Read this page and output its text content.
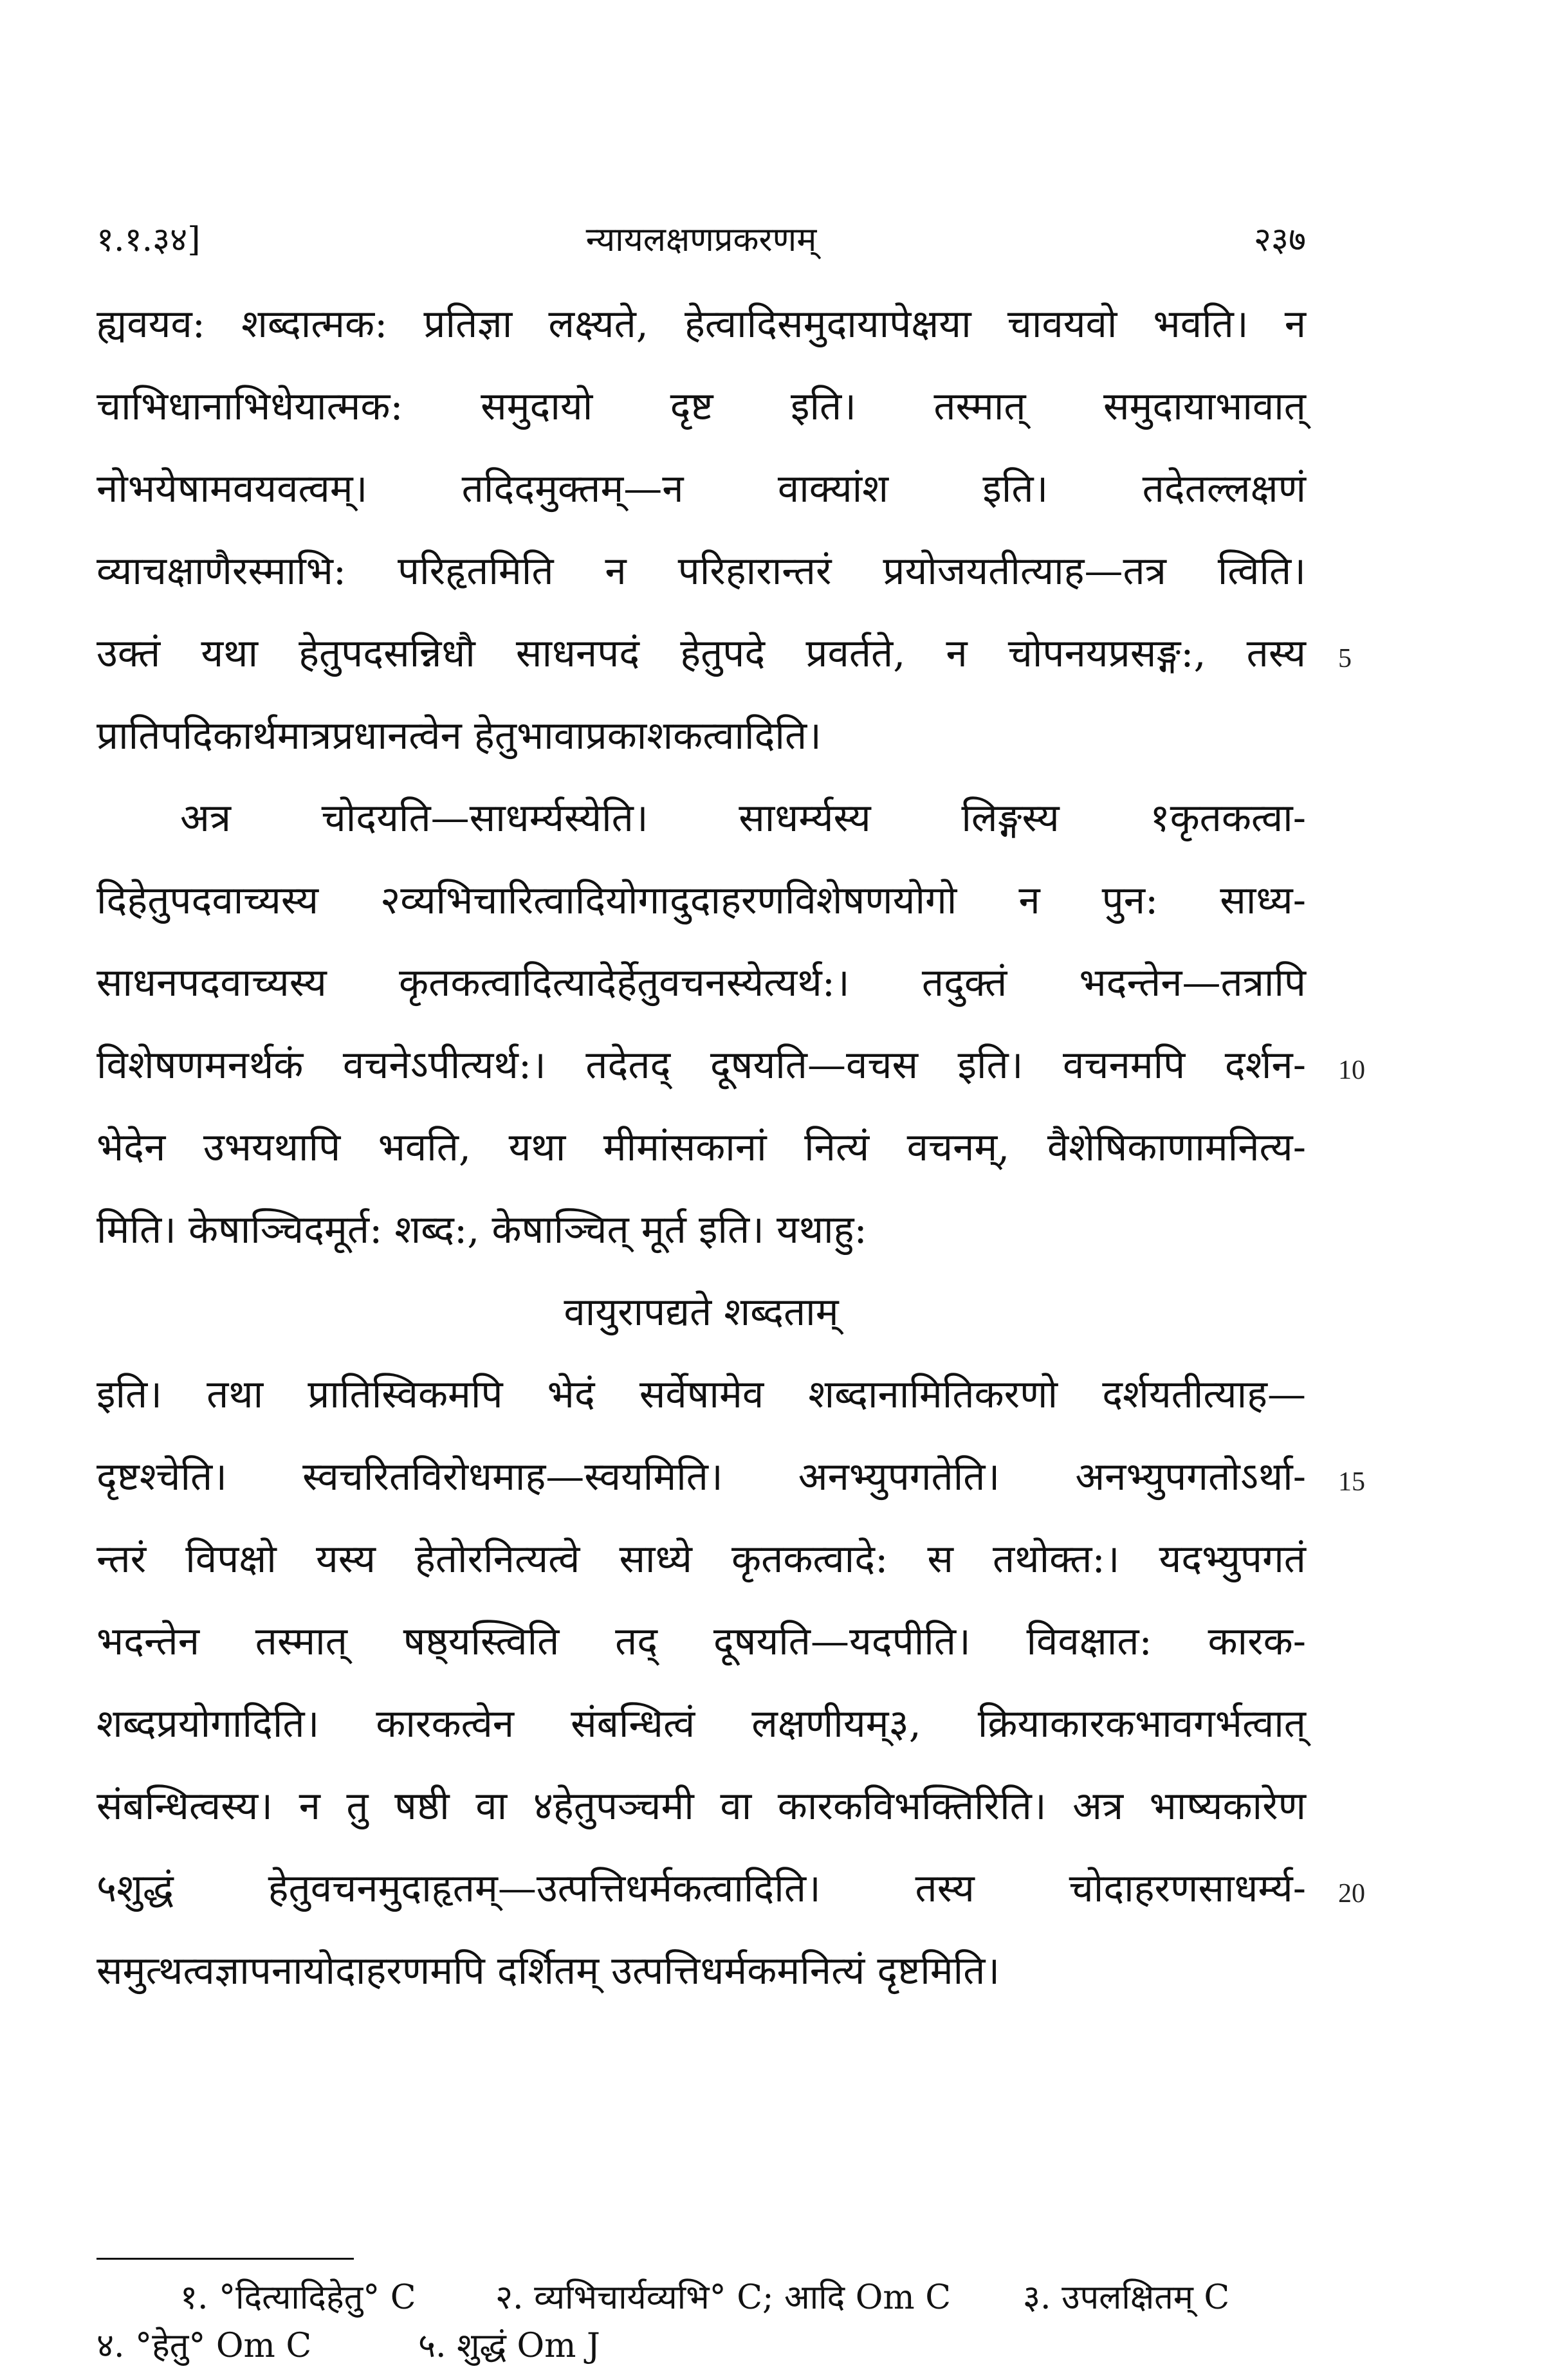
१.१.३४]	न्यायलक्षणप्रकरणम्	२३७
ह्यवयव: शब्दात्मक: प्रतिज्ञा लक्ष्यते, हेत्वादिसमुदायापेक्षया चावयवो भवति। न
चाभिधानाभिधेयात्मक: समुदायो दृष्ट इति। तस्मात् समुदायाभावात्
नोभयेषामवयवत्वम्। तदिदमुक्तम्—न वाक्यांश इति। तदेतल्लक्षणं
व्याचक्षाणैरस्माभि: परिहृतमिति न परिहारान्तरं प्रयोजयतीत्याह—तत्र त्विति।
उक्तं यथा हेतुपदसन्निधौ साधनपदं हेतुपदे प्रवर्तते, न चोपनयप्रसङ्ग:, तस्य
प्रातिपदिकार्थमात्रप्रधानत्वेन हेतुभावाप्रकाशकत्वादिति।
अत्र चोदयति—साधर्म्यस्येति। साधर्म्यस्य लिङ्गस्य १कृतकत्वा-
दिहेतुपदवाच्यस्य २व्यभिचारित्वादियोगादुदाहरणविशेषणयोगो न पुन: साध्य-
साधनपदवाच्यस्य कृतकत्वादित्यादेर्हेतुवचनस्येत्यर्थ:। तदुक्तं भदन्तेन—तत्रापि
विशेषणमनर्थकं वचनेऽपीत्यर्थ:। तदेतद् दूषयति—वचस इति। वचनमपि दर्शन-
भेदेन उभयथापि भवति, यथा मीमांसकानां नित्यं वचनम्, वैशेषिकाणामनित्य-
मिति। केषाञ्चिदमूर्त: शब्द:, केषाञ्चित् मूर्त इति। यथाहु:
वायुरापद्यते शब्दताम्
इति। तथा प्रातिस्विकमपि भेदं सर्वेषामेव शब्दानामितिकरणो दर्शयतीत्याह—
दृष्टश्चेति। स्वचरितविरोधमाह—स्वयमिति। अनभ्युपगतेति। अनभ्युपगतोऽर्था-
न्तरं विपक्षो यस्य हेतोरनित्यत्वे साध्ये कृतकत्वादे: स तथोक्त:। यदभ्युपगतं
भदन्तेन तस्मात् षष्ठ्यस्त्विति तद् दूषयति—यदपीति। विवक्षात: कारक-
शब्दप्रयोगादिति। कारकत्वेन संबन्धित्वं लक्षणीयम्३, क्रियाकारकभावगर्भत्वात्
संबन्धित्वस्य। न तु षष्ठी वा ४हेतुपञ्चमी वा कारकविभक्तिरिति। अत्र भाष्यकारेण
५शुद्धं हेतुवचनमुदाहृतम्—उत्पत्तिधर्मकत्वादिति। तस्य चोदाहरणसाधर्म्य-
समुत्थत्वज्ञापनायोदाहरणमपि दर्शितम् उत्पत्तिधर्मकमनित्यं दृष्टमिति।
5
10
15
20
१. °दित्यादिहेतु° C २. व्यभिचार्यव्यभि° C; आदि Om C ३. उपलक्षितम् C
४. °हेतु° Om C	५. शुद्धं Om J
